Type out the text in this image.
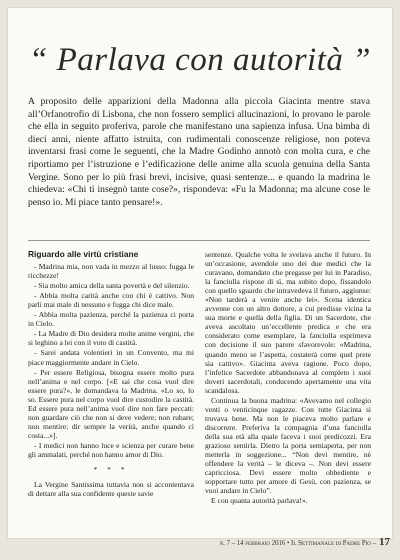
“ Parlava con autorità ”

A proposito delle apparizioni della Madonna alla piccola Giacinta mentre stava all’Orfanotrofio di Lisbona, che non fossero semplici allucinazioni, lo provano le parole che ella in seguito proferiva, parole che manifestano una sapienza infusa. Una bimba di dieci anni, niente affatto istruita, con rudimentali conoscenze religiose, non poteva inventarsi frasi come le seguenti, che la Madre Godinho annotò con molta cura, e che riportiamo per l’istruzione e l’edificazione delle anime alla scuola genuina della Santa Vergine. Sono per lo più frasi brevi, incisive, quasi sentenze... e quando la madrina le chiedeva: «Chi ti insegnò tante cose?», rispondeva: «Fu la Madonna; ma alcune cose le penso io. Mi piace tanto pensare!».

Riguardo alle virtù cristiane

- Madrina mia, non vada in mezzo al lusso: fugga le ricchezze!

- Sia molto amica della santa povertà e del silenzio.

- Abbia molta carità anche con chi è cattivo. Non parli mai male di nessuno e fugga chi dice male.

- Abbia molta pazienza, perché la pazienza ci porta in Cielo.

- La Madre di Dio desidera molte anime vergini, che si leghino a lei con il voto di castità.

- Sarei andata volentieri in un Convento, ma mi piace maggiormente andare in Cielo.

- Per essere Religiosa, bisogna essere molto pura nell’anima e nel corpo. [«E sai che cosa vuol dire essere pura?», le domandava la Madrina. «Lo so, lo so. Essere pura nel corpo vuol dire custodire la castità. Ed essere pura nell’anima vuol dire non fare peccati: non guardare ciò che non si deve vedere; non rubare; non mentire; dir sempre la verità, anche quando ci costa...»].

- I medici non hanno luce e scienza per curare bene gli ammalati, perché non hanno amor di Dio.

* * *

La Vergine Santissima tuttavia non si accontentava di dettare alla sua confidente queste savie

sentenze. Qualche volta le svelava anche il futuro. In un’occasione, avendole uno dei due medici che la curavano, domandato che pregasse per lui in Paradiso, la fanciulla rispose di sì, ma subito dopo, fissandolo con quello sguardo che intravedeva il futuro, aggiunse: «Non tarderà a venire anche lei». Scena identica avvenne con un altro dottore, a cui predisse vicina la sua morte e quella della figlia. Di un Sacerdote, che aveva ascoltato un’eccellente predica e che era considerato come esemplare, la fanciulla esprimeva con decisione il suo parere sfavorevole: «Madrina, quando meno se l’aspetta, costaterà come quel prete sia cattivo». Giacinta aveva ragione. Poco dopo, l’infelice Sacerdote abbandonava al completo i suoi doveri sacerdotali, conducendo apertamente una vita scandalosa.

Continua la buona madrina: «Avevamo nel collegio venti o venticinque ragazze. Con tutte Giacinta si trovava bene. Ma non le piaceva molto parlare e discorrere. Preferiva la compagnia d’una fanciulla della sua età alla quale faceva i suoi predicozzi. Era grazioso sentirla. Dietro la porta semiaperta, per non metterla in soggezione... “Non devi mentire, nè offendere la verità – le diceva –. Non devi essere capricciosa. Devi essere molto obbediente e sopportare tutto per amore di Gesù, con pazienza, se vuoi andare in Cielo”.

E con quanta autorità parlava!».

n. 7 – 14 febbraio 2016 • Il Settimanale di Padre Pio – 17
